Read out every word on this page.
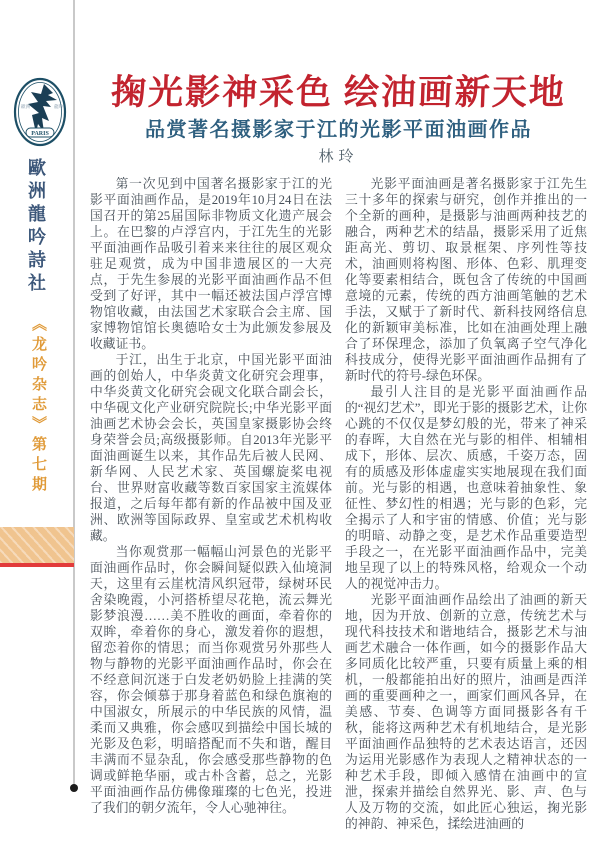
歐洲	龍吟
PARIS
歐洲龍吟詩社
《龙吟杂志》第七期
掬光影神采色 绘油画新天地
品赏著名摄影家于江的光影平面油画作品
林玲

第一次见到中国著名摄影家于江的光影平面油画作品，是2019年10月24日在法国召开的第25届国际非物质文化遗产展会上。在巴黎的卢浮宫内，于江先生的光影平面油画作品吸引着来来往往的展区观众驻足观赏，成为中国非遗展区的一大亮点，于先生参展的光影平面油画作品不但受到了好评，其中一幅还被法国卢浮宫博物馆收藏，由法国艺术家联合会主席、国家博物馆馆长奥德哈女士为此颁发参展及收藏证书。

于江，出生于北京，中国光影平面油画的创始人，中华炎黄文化研究会理事，中华炎黄文化研究会砚文化联合副会长，中华砚文化产业研究院院长;中华光影平面油画艺术协会会长，英国皇家摄影协会终身荣誉会员;高级摄影师。自2013年光影平面油画诞生以来，其作品先后被人民网、新华网、人民艺术家、英国螺旋桨电视台、世界财富收藏等数百家国家主流媒体报道，之后每年都有新的作品被中国及亚洲、欧洲等国际政界、皇室或艺术机构收藏。

当你观赏那一幅幅山河景色的光影平面油画作品时，你会瞬间疑似跌入仙境洞天，这里有云崖枕清风织冠带，绿树环民舍染晚霞，小河搭桥望尽花艳，流云舞光影梦浪漫……美不胜收的画面，牵着你的双眸，牵着你的身心，激发着你的遐想，留恋着你的情思；而当你观赏另外那些人物与静物的光影平面油画作品时，你会在不经意间沉迷于白发老奶奶脸上挂满的笑容，你会倾慕于那身着蓝色和绿色旗袍的中国淑女，所展示的中华民族的风情，温柔而又典雅，你会感叹到描绘中国长城的光影及色彩，明暗搭配而不失和谐，醒目丰满而不显杂乱，你会感受那些静物的色调或鲜艳华丽，或古朴含蓄，总之，光影平面油画作品仿佛像璀璨的七色光，投进了我们的朝夕流年，令人心驰神往。

光影平面油画是著名摄影家于江先生三十多年的探索与研究，创作并推出的一个全新的画种，是摄影与油画两种技艺的融合，两种艺术的结晶，摄影采用了近焦距高光、剪切、取景框架、序列性等技术，油画则将构图、形体、色彩、肌理变化等要素相结合，既包含了传统的中国画意境的元素，传统的西方油画笔触的艺术手法，又赋于了新时代、新科技网络信息化的新颖审美标准，比如在油画处理上融合了环保理念，添加了负氧离子空气净化科技成分，使得光影平面油画作品拥有了新时代的符号-绿色环保。

最引人注目的是光影平面油画作品的“视幻艺术”，即光于影的摄影艺术，让你心跳的不仅仅是梦幻般的光，带来了神采的春晖，大自然在光与影的相伴、相辅相成下，形体、层次、质感，千姿万态，固有的质感及形体虚虚实实地展现在我们面前。光与影的相遇，也意味着抽象性、象征性、梦幻性的相遇；光与影的色彩，完全揭示了人和宇宙的情感、价值；光与影的明暗、动静之变，是艺术作品重要造型手段之一，在光影平面油画作品中，完美地呈现了以上的特殊风格，给观众一个动人的视觉冲击力。

光影平面油画作品绘出了油画的新天地，因为开放、创新的立意，传统艺术与现代科技技术和谐地结合，摄影艺术与油画艺术融合一体作画，如今的摄影作品大多同质化比较严重，只要有质量上乘的相机，一般都能拍出好的照片，油画是西洋画的重要画种之一，画家们画风各异，在美感、节奏、色调等方面同摄影各有千秋，能将这两种艺术有机地结合，是光影平面油画作品独特的艺术表达语言，还因为运用光影感作为表现人之精神状态的一种艺术手段，即倾入感情在油画中的宣泄，探索并描绘自然界光、影、声、色与人及万物的交流，如此匠心独运，掬光影的神韵、神采色，揉绘进油画的
